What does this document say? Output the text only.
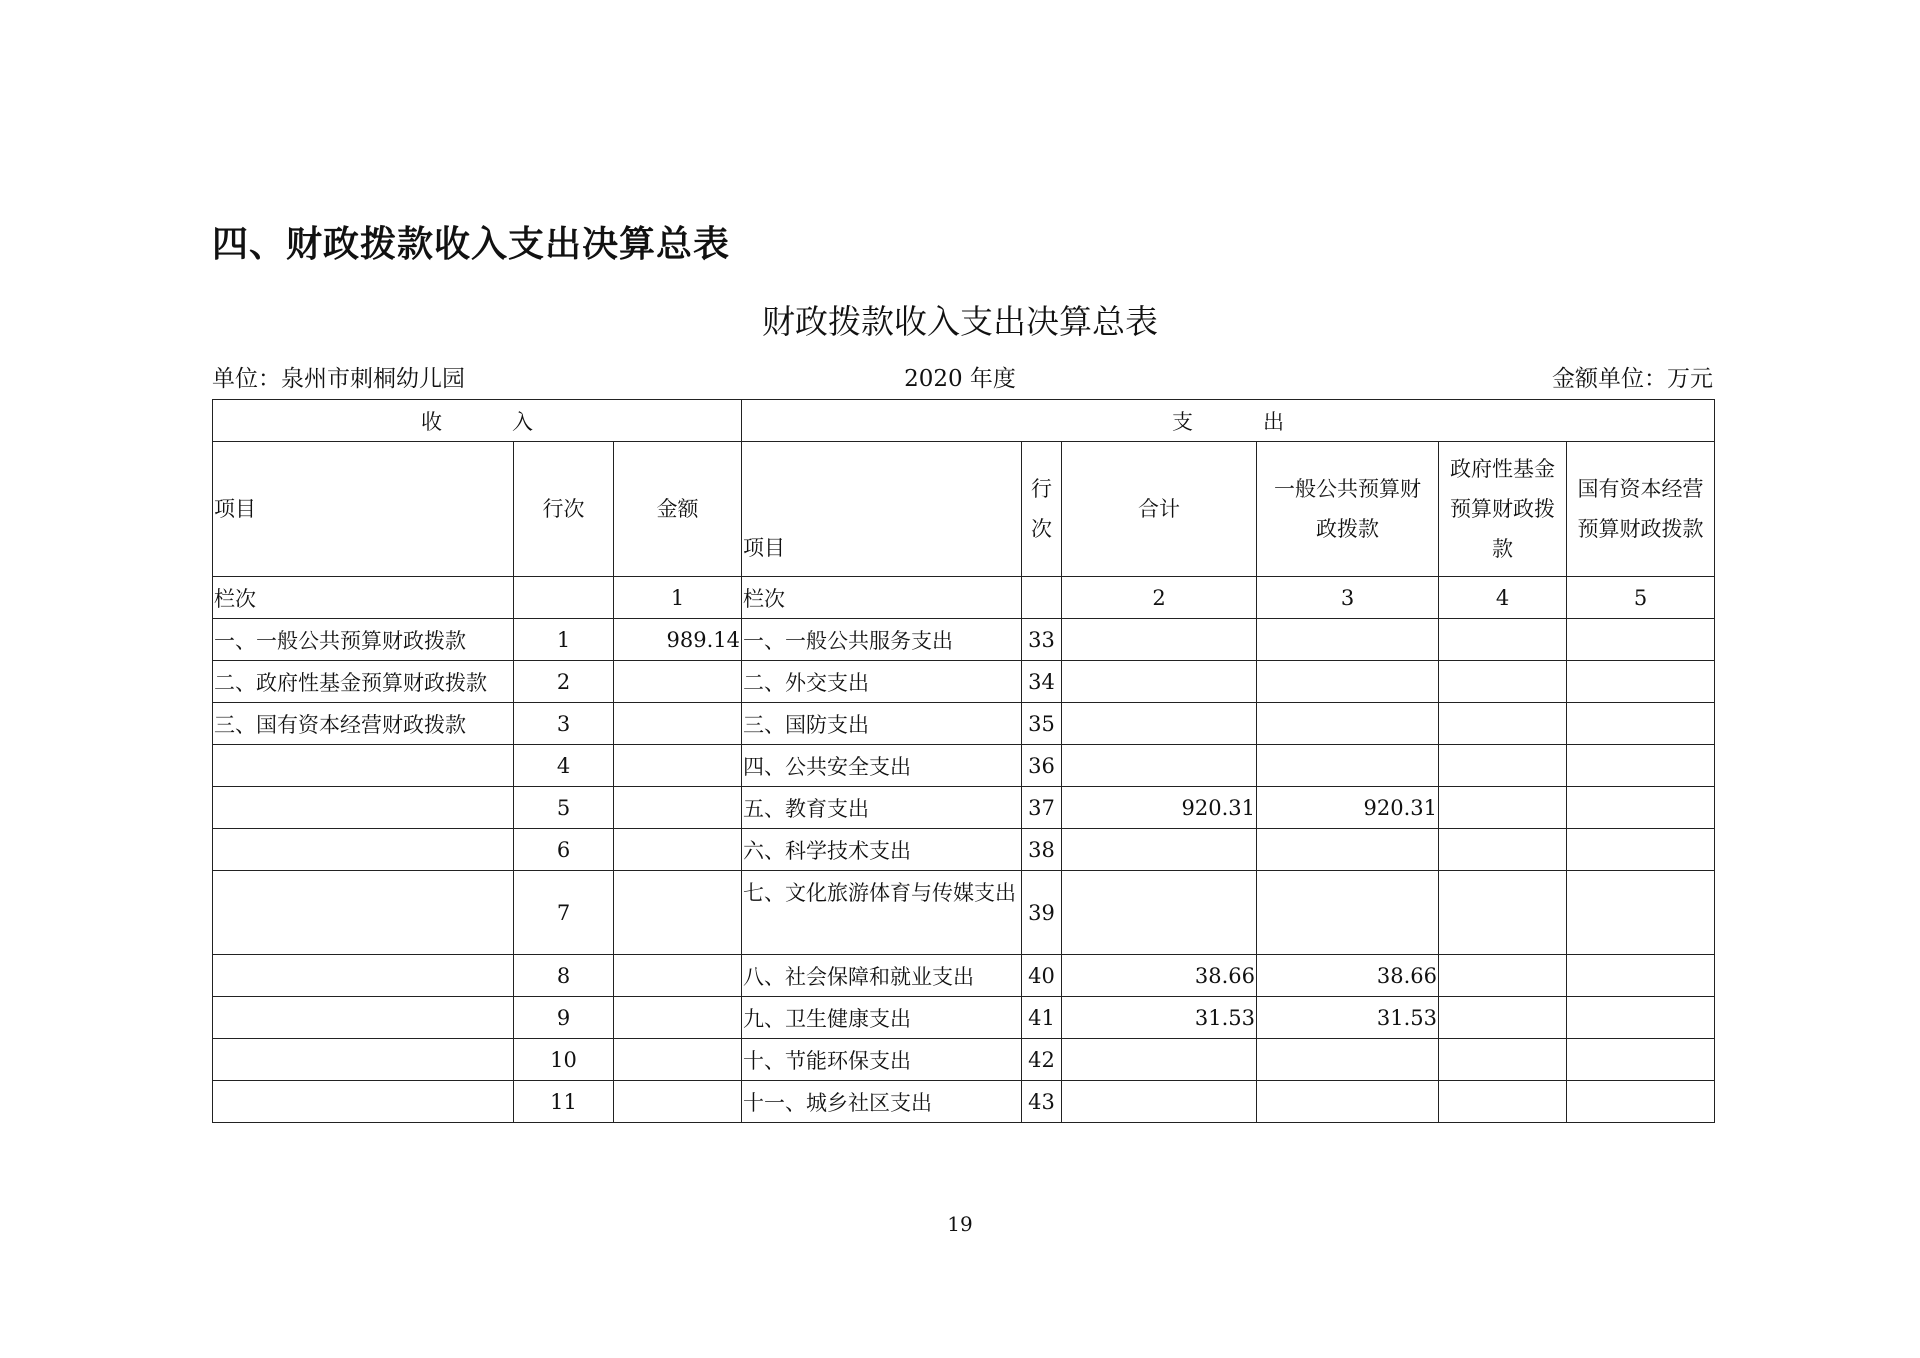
四、财政拨款收入支出决算总表
财政拨款收入支出决算总表
单位：泉州市刺桐幼儿园	2020 年度	金额单位：万元
收 入			支 出					
项目	行次	金额	项目	行次	合计	一般公共预算财政拨款	政府性基金预算财政拨款	国有资本经营预算财政拨款
栏次		1	栏次		2	3	4	5
一、一般公共预算财政拨款	1	989.14	一、一般公共服务支出	33				
二、政府性基金预算财政拨款	2		二、外交支出	34				
三、国有资本经营财政拨款	3		三、国防支出	35				
	4		四、公共安全支出	36				
	5		五、教育支出	37	920.31	920.31		
	6		六、科学技术支出	38				
	7		七、文化旅游体育与传媒支出	39				
	8		八、社会保障和就业支出	40	38.66	38.66		
	9		九、卫生健康支出	41	31.53	31.53		
	10		十、节能环保支出	42				
	11		十一、城乡社区支出	43				
19
